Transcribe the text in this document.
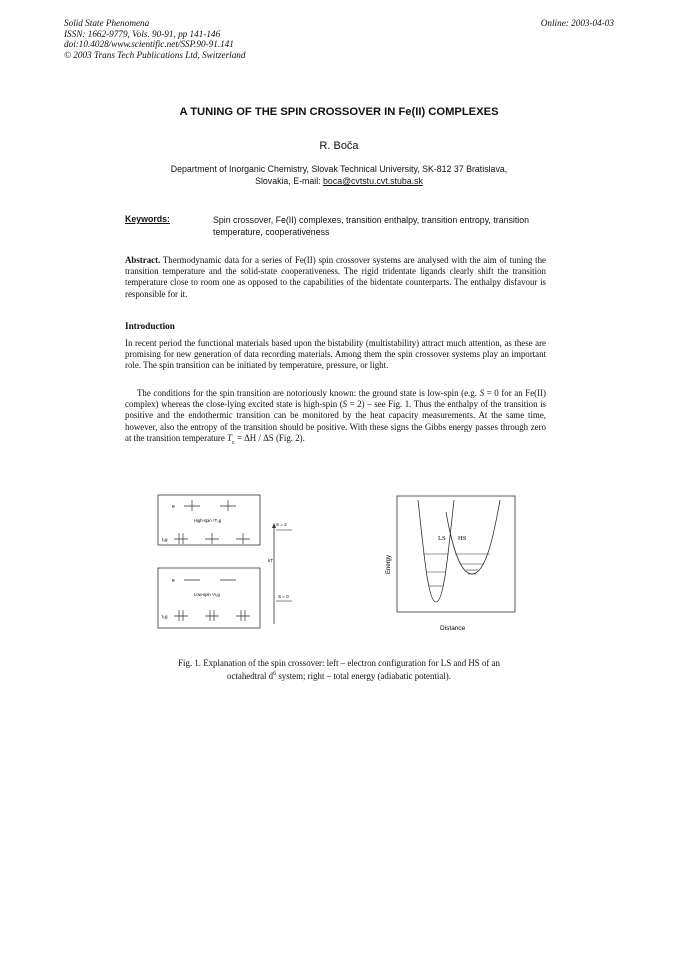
Solid State Phenomena
ISSN: 1662-9779, Vols. 90-91, pp 141-146
doi:10.4028/www.scientific.net/SSP.90-91.141
© 2003 Trans Tech Publications Ltd, Switzerland
Online: 2003-04-03
A TUNING OF THE SPIN CROSSOVER IN Fe(II) COMPLEXES
R. Boča
Department of Inorganic Chemistry, Slovak Technical University, SK-812 37 Bratislava,
Slovakia, E-mail: boca@cvtstu.cvt.stuba.sk
Keywords:	Spin crossover, Fe(II) complexes, transition enthalpy, transition entropy, transition temperature, cooperativeness
Abstract. Thermodynamic data for a series of Fe(II) spin crossover systems are analysed with the aim of tuning the transition temperature and the solid-state cooperativeness. The rigid tridentate ligands clearly shift the transition temperature close to room one as opposed to the capabilities of the bidentate counterparts. The enthalpy disfavour is responsible for it.
Introduction
In recent period the functional materials based upon the bistability (multistability) attract much attention, as these are promising for new generation of data recording materials. Among them the spin crossover systems play an important role. The spin transition can be initiated by temperature, pressure, or light.
The conditions for the spin transition are notoriously known: the ground state is low-spin (e.g. S = 0 for an Fe(II) complex) whereas the close-lying excited state is high-spin (S = 2) – see Fig. 1. Thus the enthalpy of the transition is positive and the endothermic transition can be monitored by the heat capacity measurements. At the same time, however, also the entropy of the transition should be positive. With these signs the Gibbs energy passes through zero at the transition temperature $T_c = \Delta H / \Delta S$ (Fig. 2).
e
High-spin ⁵T₂g
t₂g
S = 2
kT
S = 0
e
Low-spin ¹A₁g
t₂g
Energy
Distance
LS HS
Fig. 1. Explanation of the spin crossover: left – electron configuration for LS and HS of an
octahedtral $d^6$ system; right – total energy (adiabatic potential).
